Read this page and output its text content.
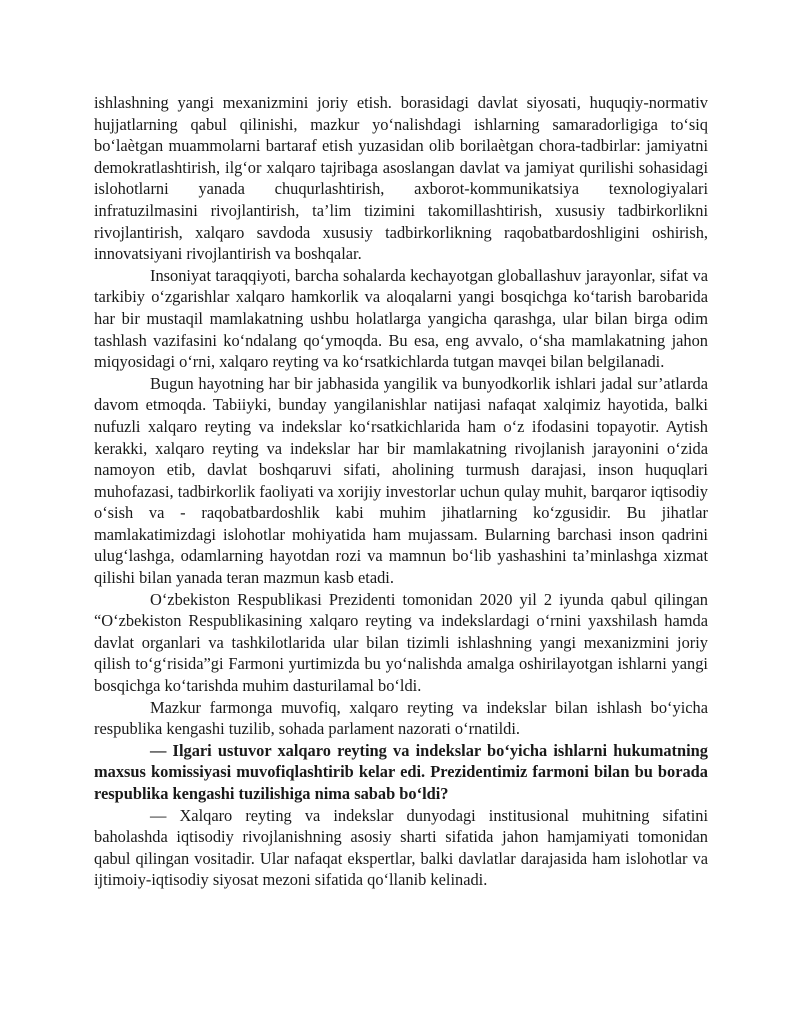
ishlashning yangi mexanizmini joriy etish. borasidagi davlat siyosati, huquqiy-normativ hujjatlarning qabul qilinishi, mazkur yo‘nalishdagi ishlarning samaradorligiga to‘siq bo‘laètgan muammolarni bartaraf etish yuzasidan olib borilaètgan chora-tadbirlar: jamiyatni demokratlashtirish, ilg‘or xalqaro tajribaga asoslangan davlat va jamiyat qurilishi sohasidagi islohotlarni yanada chuqurlashtirish, axborot-kommunikatsiya texnologiyalari infratuzilmasini rivojlantirish, ta’lim tizimini takomillashtirish, xususiy tadbirkorlikni rivojlantirish, xalqaro savdoda xususiy tadbirkorlikning raqobatbardoshligini oshirish, innovatsiyani rivojlantirish va boshqalar.

Insoniyat taraqqiyoti, barcha sohalarda kechayotgan globallashuv jarayonlar, sifat va tarkibiy o‘zgarishlar xalqaro hamkorlik va aloqalarni yangi bosqichga ko‘tarish barobarida har bir mustaqil mamlakatning ushbu holatlarga yangicha qarashga, ular bilan birga odim tashlash vazifasini ko‘ndalang qo‘ymoqda. Bu esa, eng avvalo, o‘sha mamlakatning jahon miqyosidagi o‘rni, xalqaro reyting va ko‘rsatkichlarda tutgan mavqei bilan belgilanadi.

Bugun hayotning har bir jabhasida yangilik va bunyodkorlik ishlari jadal sur’atlarda davom etmoqda. Tabiiyki, bunday yangilanishlar natijasi nafaqat xalqimiz hayotida, balki nufuzli xalqaro reyting va indekslar ko‘rsatkichlarida ham o‘z ifodasini topayotir. Aytish kerakki, xalqaro reyting va indekslar har bir mamlakatning rivojlanish jarayonini o‘zida namoyon etib, davlat boshqaruvi sifati, aholining turmush darajasi, inson huquqlari muhofazasi, tadbirkorlik faoliyati va xorijiy investorlar uchun qulay muhit, barqaror iqtisodiy o‘sish va - raqobatbardoshlik kabi muhim jihatlarning ko‘zgusidir. Bu jihatlar mamlakatimizdagi islohotlar mohiyatida ham mujassam. Bularning barchasi inson qadrini ulug‘lashga, odamlarning hayotdan rozi va mamnun bo‘lib yashashini ta’minlashga xizmat qilishi bilan yanada teran mazmun kasb etadi.

O‘zbekiston Respublikasi Prezidenti tomonidan 2020 yil 2 iyunda qabul qilingan “O‘zbekiston Respublikasining xalqaro reyting va indekslardagi o‘rnini yaxshilash hamda davlat organlari va tashkilotlarida ular bilan tizimli ishlashning yangi mexanizmini joriy qilish to‘g‘risida”gi Farmoni yurtimizda bu yo‘nalishda amalga oshirilayotgan ishlarni yangi bosqichga ko‘tarishda muhim dasturilamal bo‘ldi.

Mazkur farmonga muvofiq, xalqaro reyting va indekslar bilan ishlash bo‘yicha respublika kengashi tuzilib, sohada parlament nazorati o‘rnatildi.

— Ilgari ustuvor xalqaro reyting va indekslar bo‘yicha ishlarni hukumatning maxsus komissiyasi muvofiqlashtirib kelar edi. Prezidentimiz farmoni bilan bu borada respublika kengashi tuzilishiga nima sabab bo‘ldi?

— Xalqaro reyting va indekslar dunyodagi institusional muhitning sifatini baholashda iqtisodiy rivojlanishning asosiy sharti sifatida jahon hamjamiyati tomonidan qabul qilingan vositadir. Ular nafaqat ekspertlar, balki davlatlar darajasida ham islohotlar va ijtimoiy-iqtisodiy siyosat mezoni sifatida qo‘llanib kelinadi.
